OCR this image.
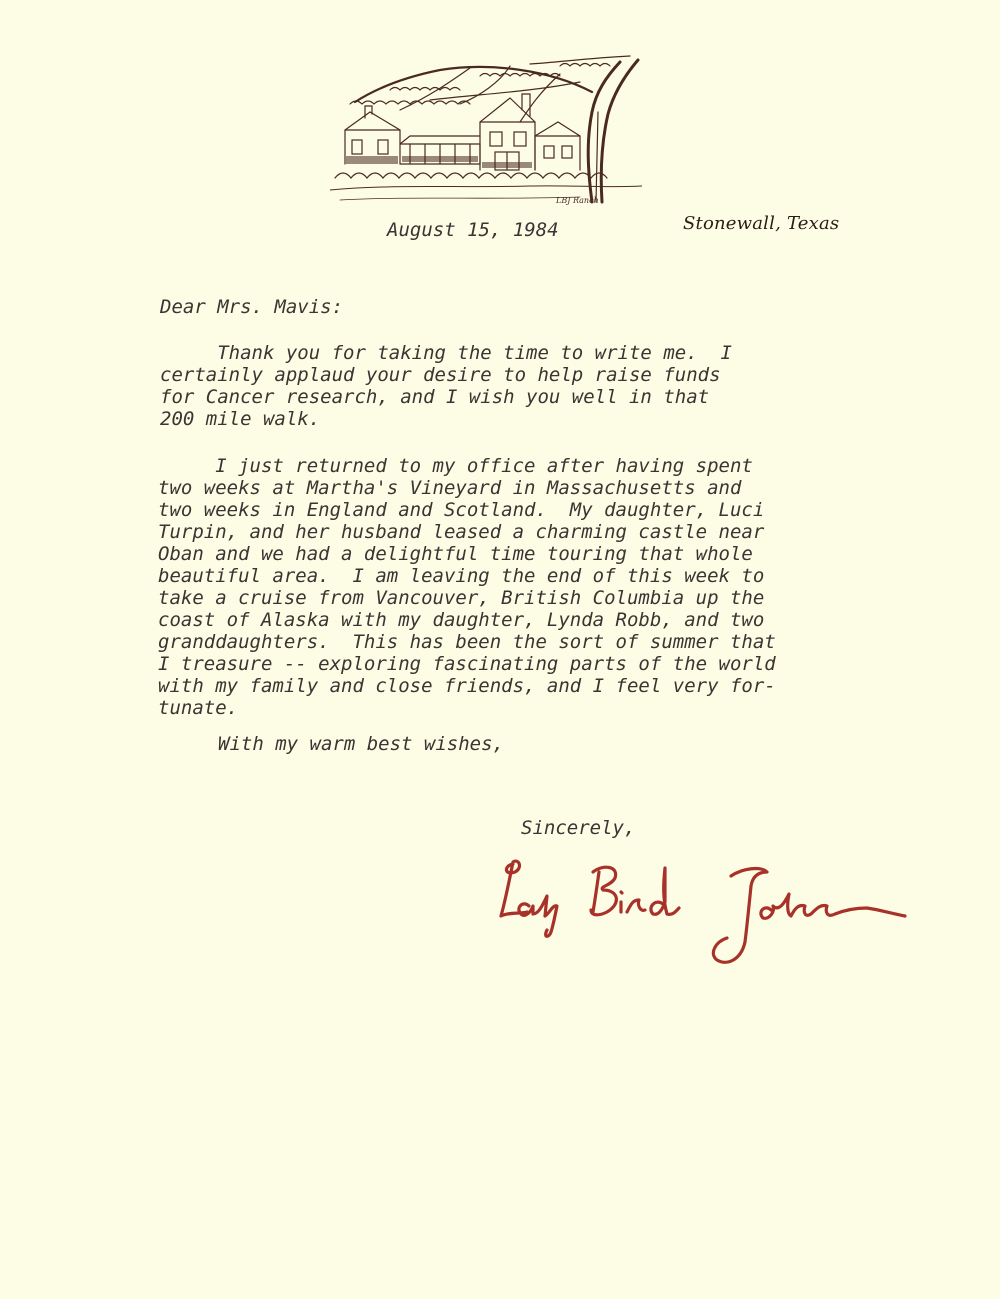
LBJ Ranch
Stonewall, Texas

August 15, 1984

Dear Mrs. Mavis:

Thank you for taking the time to write me.  I
certainly applaud your desire to help raise funds
for Cancer research, and I wish you well in that
200 mile walk.
I just returned to my office after having spent
two weeks at Martha's Vineyard in Massachusetts and
two weeks in England and Scotland.  My daughter, Luci
Turpin, and her husband leased a charming castle near
Oban and we had a delightful time touring that whole
beautiful area.  I am leaving the end of this week to
take a cruise from Vancouver, British Columbia up the
coast of Alaska with my daughter, Lynda Robb, and two
granddaughters.  This has been the sort of summer that
I treasure -- exploring fascinating parts of the world
with my family and close friends, and I feel very for-
tunate.

With my warm best wishes,

Sincerely,
